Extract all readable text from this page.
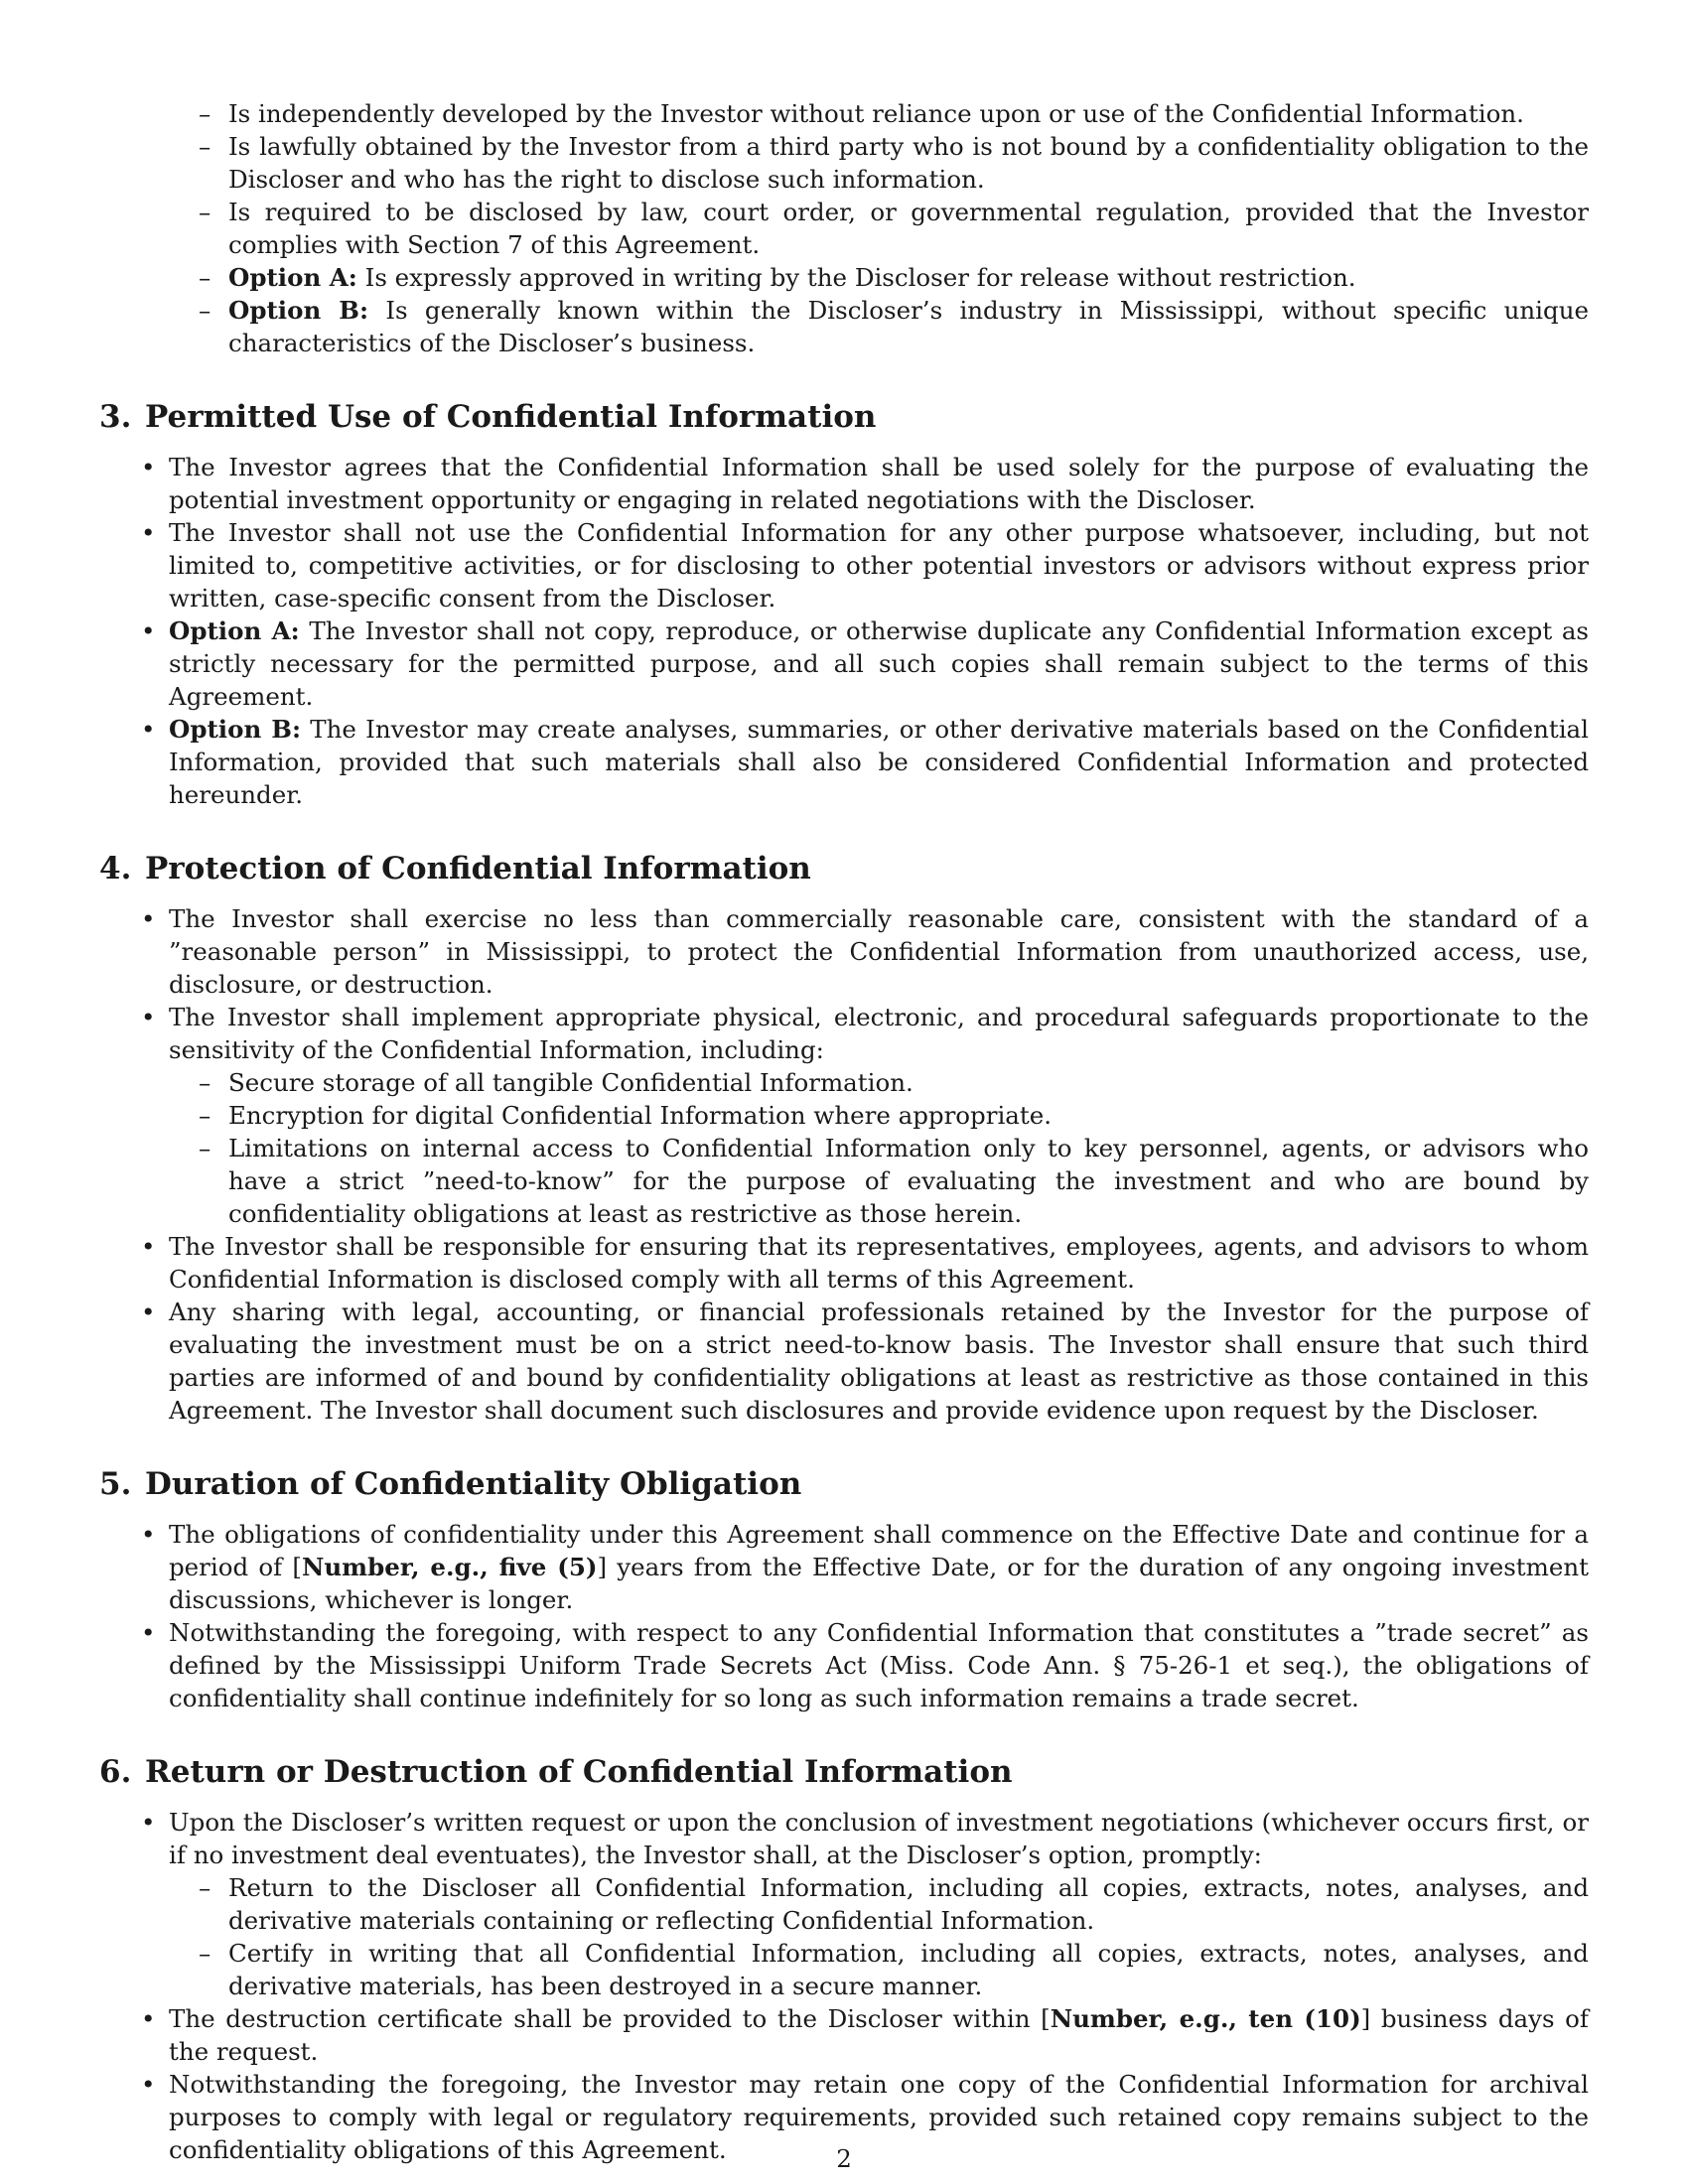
– Is independently developed by the Investor without reliance upon or use of the Confidential Information.
– Is lawfully obtained by the Investor from a third party who is not bound by a confidentiality obligation to the Discloser and who has the right to disclose such information.
– Is required to be disclosed by law, court order, or governmental regulation, provided that the Investor complies with Section 7 of this Agreement.
– Option A: Is expressly approved in writing by the Discloser for release without restriction.
– Option B: Is generally known within the Discloser’s industry in Mississippi, without specific unique characteristics of the Discloser’s business.
3. Permitted Use of Confidential Information
• The Investor agrees that the Confidential Information shall be used solely for the purpose of evaluating the potential investment opportunity or engaging in related negotiations with the Discloser.
• The Investor shall not use the Confidential Information for any other purpose whatsoever, including, but not limited to, competitive activities, or for disclosing to other potential investors or advisors without express prior written, case-specific consent from the Discloser.
• Option A: The Investor shall not copy, reproduce, or otherwise duplicate any Confidential Information except as strictly necessary for the permitted purpose, and all such copies shall remain subject to the terms of this Agreement.
• Option B: The Investor may create analyses, summaries, or other derivative materials based on the Confidential Information, provided that such materials shall also be considered Confidential Information and protected hereunder.
4. Protection of Confidential Information
• The Investor shall exercise no less than commercially reasonable care, consistent with the standard of a ”reasonable person” in Mississippi, to protect the Confidential Information from unauthorized access, use, disclosure, or destruction.
• The Investor shall implement appropriate physical, electronic, and procedural safeguards proportionate to the sensitivity of the Confidential Information, including:
– Secure storage of all tangible Confidential Information.
– Encryption for digital Confidential Information where appropriate.
– Limitations on internal access to Confidential Information only to key personnel, agents, or advisors who have a strict ”need-to-know” for the purpose of evaluating the investment and who are bound by confidentiality obligations at least as restrictive as those herein.
• The Investor shall be responsible for ensuring that its representatives, employees, agents, and advisors to whom Confidential Information is disclosed comply with all terms of this Agreement.
• Any sharing with legal, accounting, or financial professionals retained by the Investor for the purpose of evaluating the investment must be on a strict need-to-know basis. The Investor shall ensure that such third parties are informed of and bound by confidentiality obligations at least as restrictive as those contained in this Agreement. The Investor shall document such disclosures and provide evidence upon request by the Discloser.
5. Duration of Confidentiality Obligation
• The obligations of confidentiality under this Agreement shall commence on the Effective Date and continue for a period of [Number, e.g., five (5)] years from the Effective Date, or for the duration of any ongoing investment discussions, whichever is longer.
• Notwithstanding the foregoing, with respect to any Confidential Information that constitutes a ”trade secret” as defined by the Mississippi Uniform Trade Secrets Act (Miss. Code Ann. § 75-26-1 et seq.), the obligations of confidentiality shall continue indefinitely for so long as such information remains a trade secret.
6. Return or Destruction of Confidential Information
• Upon the Discloser’s written request or upon the conclusion of investment negotiations (whichever occurs first, or if no investment deal eventuates), the Investor shall, at the Discloser’s option, promptly:
– Return to the Discloser all Confidential Information, including all copies, extracts, notes, analyses, and derivative materials containing or reflecting Confidential Information.
– Certify in writing that all Confidential Information, including all copies, extracts, notes, analyses, and derivative materials, has been destroyed in a secure manner.
• The destruction certificate shall be provided to the Discloser within [Number, e.g., ten (10)] business days of the request.
• Notwithstanding the foregoing, the Investor may retain one copy of the Confidential Information for archival purposes to comply with legal or regulatory requirements, provided such retained copy remains subject to the confidentiality obligations of this Agreement.	2
